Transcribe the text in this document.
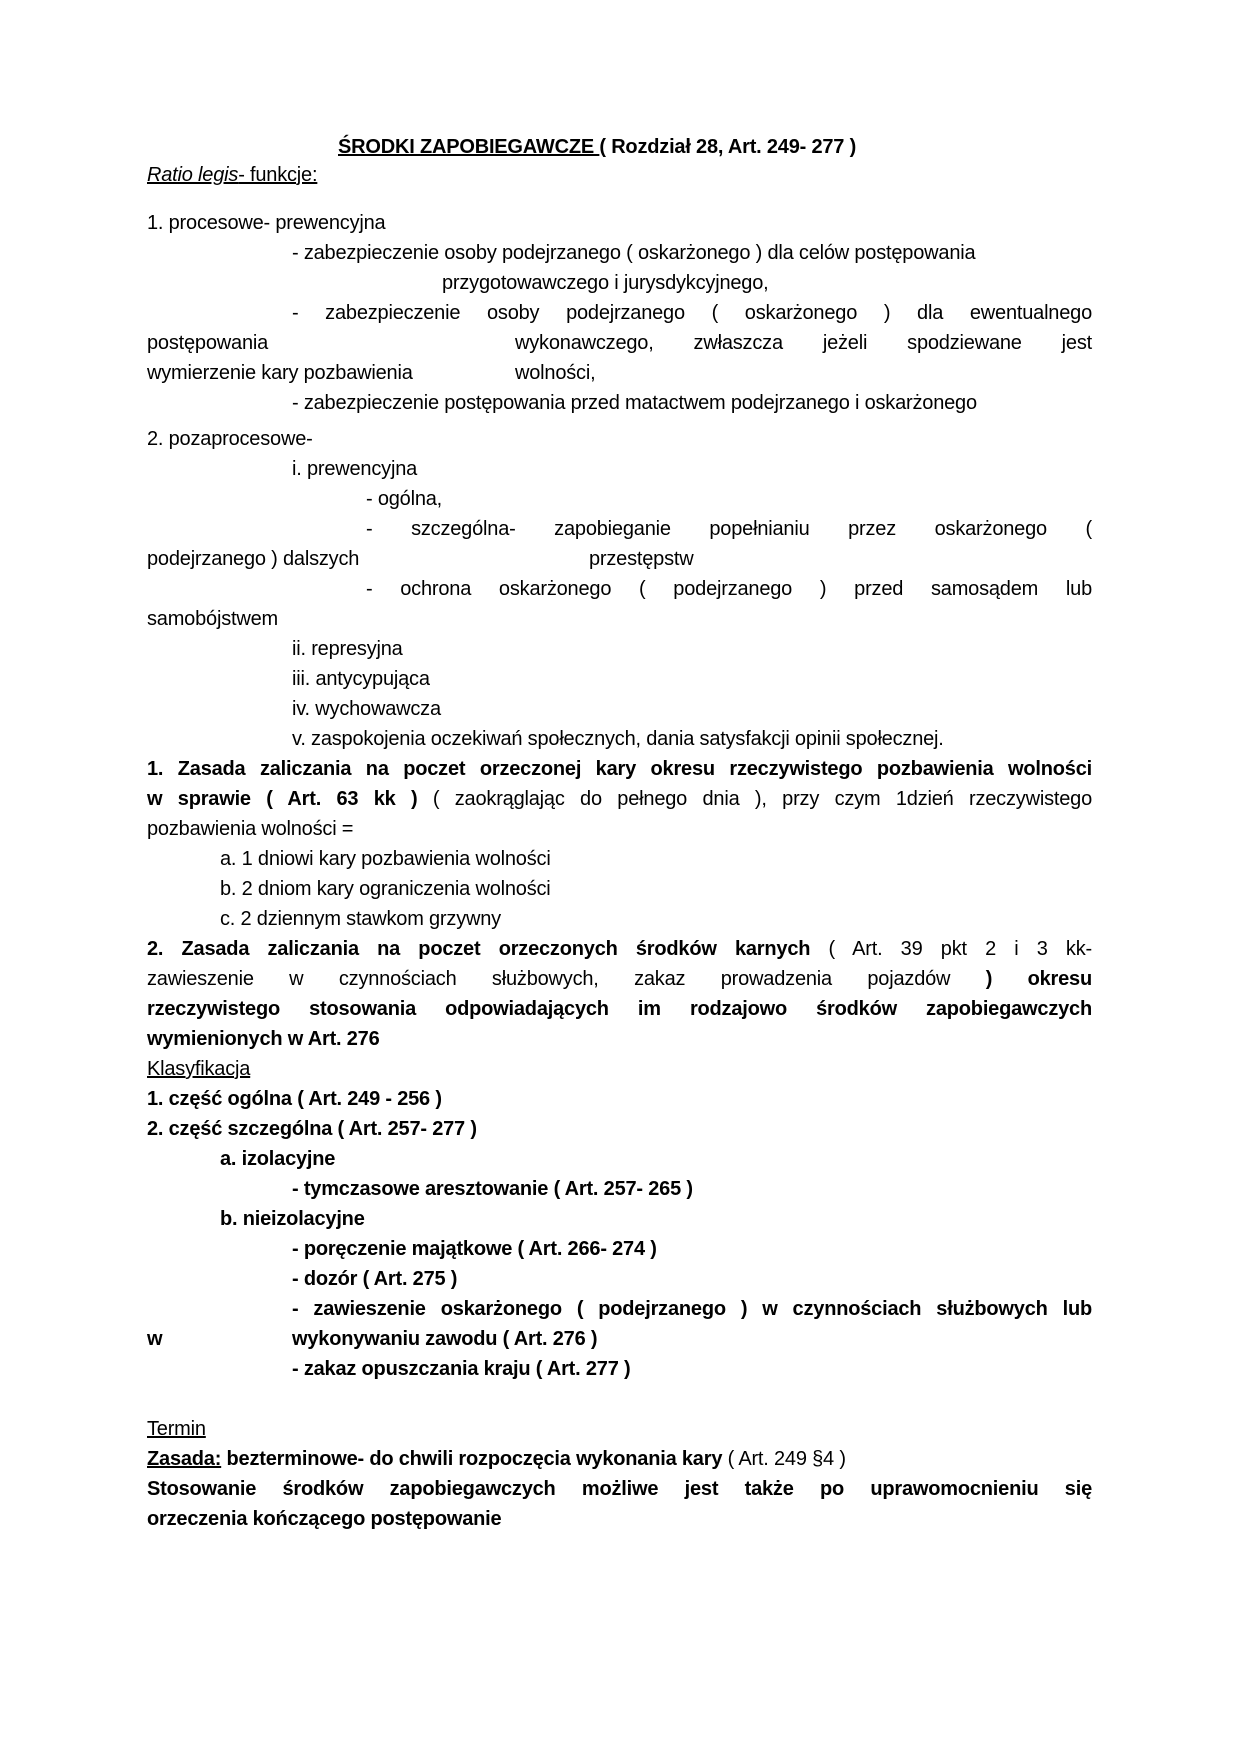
ŚRODKI ZAPOBIEGAWCZE ( Rozdział 28, Art. 249- 277 )
Ratio legis- funkcje:
1. procesowe- prewencyjna
- zabezpieczenie osoby podejrzanego ( oskarżonego ) dla celów postępowania
przygotowawczego i jurysdykcyjnego,
- zabezpieczenie osoby podejrzanego ( oskarżonego ) dla ewentualnego
postępowania	wykonawczego, zwłaszcza jeżeli spodziewane jest
wymierzenie kary pozbawienia	wolności,
- zabezpieczenie postępowania przed matactwem podejrzanego i oskarżonego
2. pozaprocesowe-
i. prewencyjna
- ogólna,
- szczególna- zapobieganie popełnianiu przez oskarżonego (
podejrzanego ) dalszych	przestępstw
- ochrona oskarżonego ( podejrzanego ) przed samosądem lub
samobójstwem
ii. represyjna
iii. antycypująca
iv. wychowawcza
v. zaspokojenia oczekiwań społecznych, dania satysfakcji opinii społecznej.
1. Zasada zaliczania na poczet orzeczonej kary okresu rzeczywistego pozbawienia wolności
w sprawie ( Art. 63 kk ) ( zaokrąglając do pełnego dnia ), przy czym 1dzień rzeczywistego
pozbawienia wolności =
a. 1 dniowi kary pozbawienia wolności
b. 2 dniom kary ograniczenia wolności
c. 2 dziennym stawkom grzywny
2. Zasada zaliczania na poczet orzeczonych środków karnych ( Art. 39 pkt 2 i 3 kk-
zawieszenie w czynnościach służbowych, zakaz prowadzenia pojazdów ) okresu
rzeczywistego stosowania odpowiadających im rodzajowo środków zapobiegawczych
wymienionych w Art. 276
Klasyfikacja
1. część ogólna ( Art. 249 - 256 )
2. część szczególna ( Art. 257- 277 )
a. izolacyjne
- tymczasowe aresztowanie ( Art. 257- 265 )
b. nieizolacyjne
- poręczenie majątkowe ( Art. 266- 274 )
- dozór ( Art. 275 )
- zawieszenie oskarżonego ( podejrzanego ) w czynnościach służbowych lub
w	wykonywaniu zawodu ( Art. 276 )
- zakaz opuszczania kraju ( Art. 277 )
Termin
Zasada: bezterminowe- do chwili rozpoczęcia wykonania kary ( Art. 249 §4 )
Stosowanie środków zapobiegawczych możliwe jest także po uprawomocnieniu się
orzeczenia kończącego postępowanie
